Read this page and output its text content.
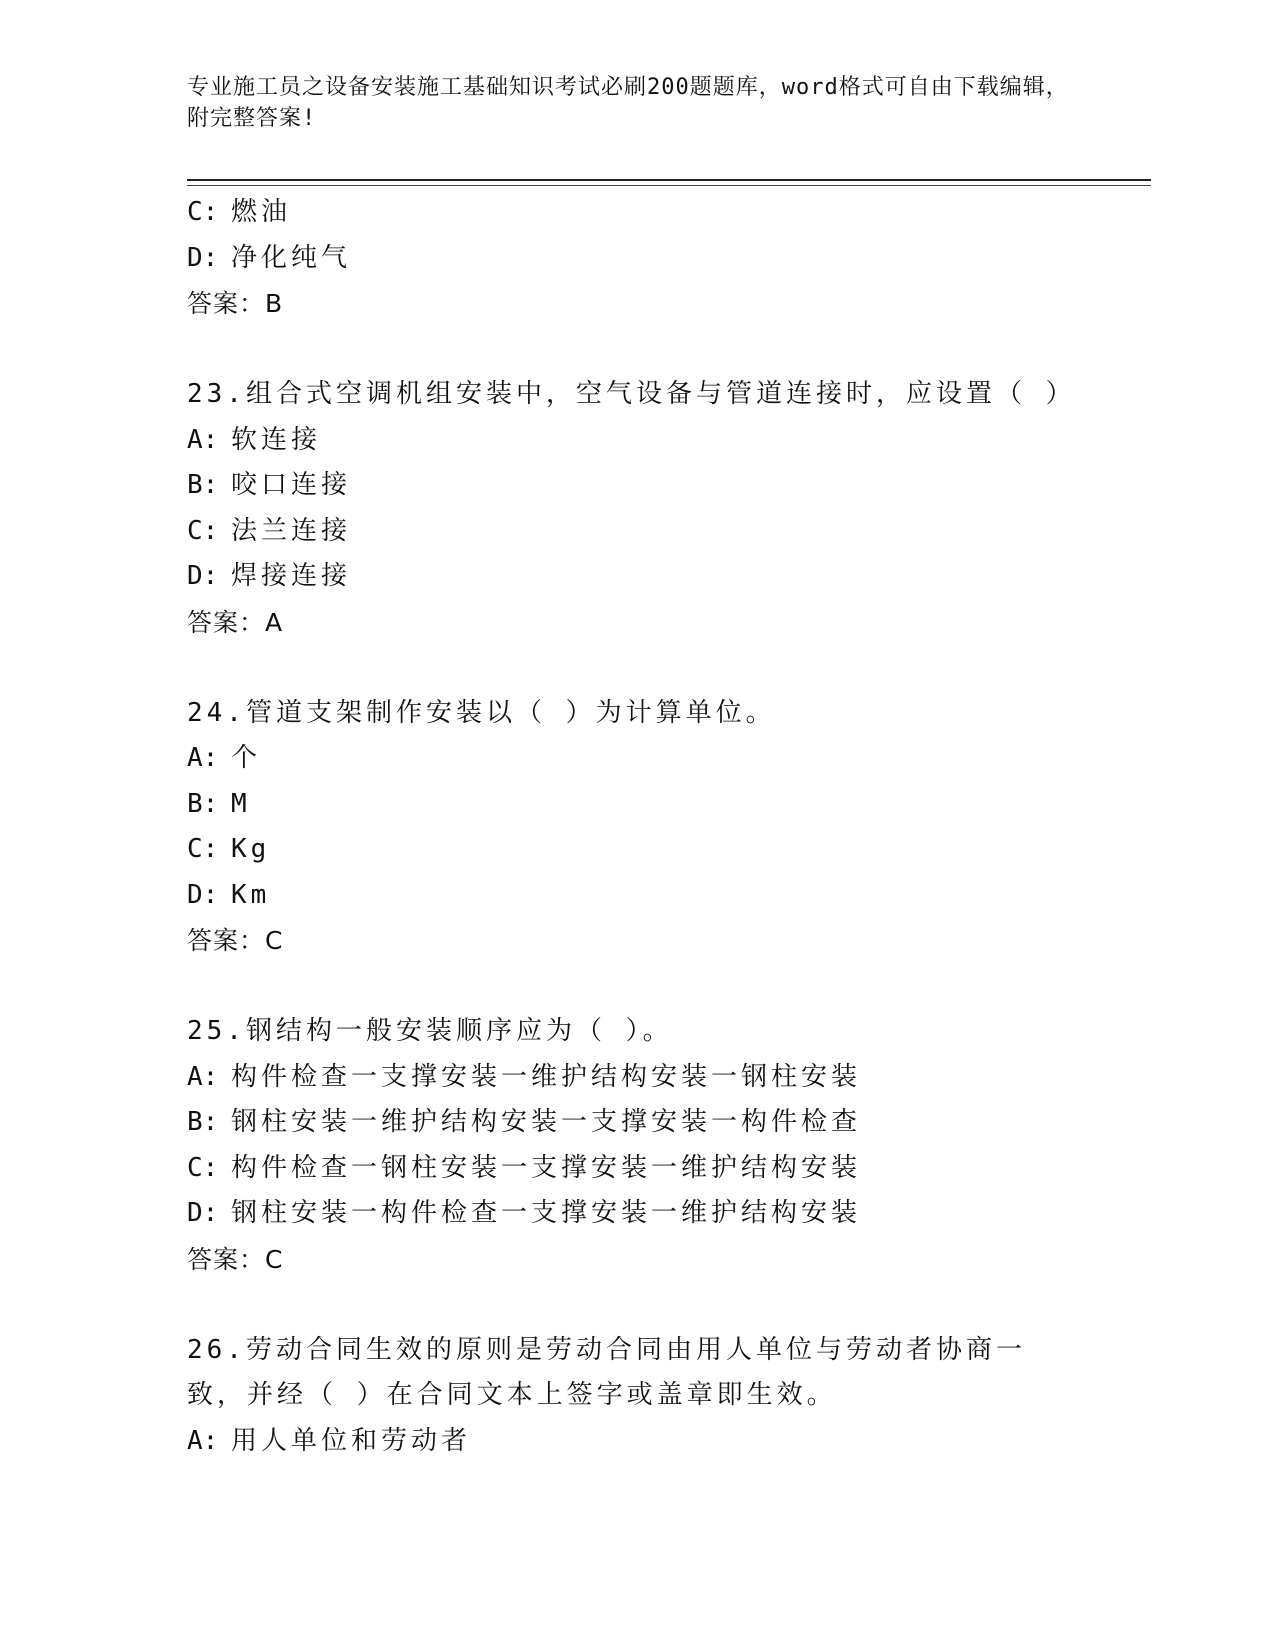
专业施工员之设备安装施工基础知识考试必刷200题题库，word格式可自由下载编辑，附完整答案!
C: 燃油
D: 净化纯气
答案：B
23.组合式空调机组安装中，空气设备与管道连接时，应设置（ ）
A: 软连接
B: 咬口连接
C: 法兰连接
D: 焊接连接
答案：A
24.管道支架制作安装以（ ）为计算单位。
A: 个
B: M
C: Kg
D: Km
答案：C
25.钢结构一般安装顺序应为（ ）。
A: 构件检查一支撑安装一维护结构安装一钢柱安装
B: 钢柱安装一维护结构安装一支撑安装一构件检查
C: 构件检查一钢柱安装一支撑安装一维护结构安装
D: 钢柱安装一构件检查一支撑安装一维护结构安装
答案：C
26.劳动合同生效的原则是劳动合同由用人单位与劳动者协商一致，并经（ ）在合同文本上签字或盖章即生效。
A: 用人单位和劳动者
